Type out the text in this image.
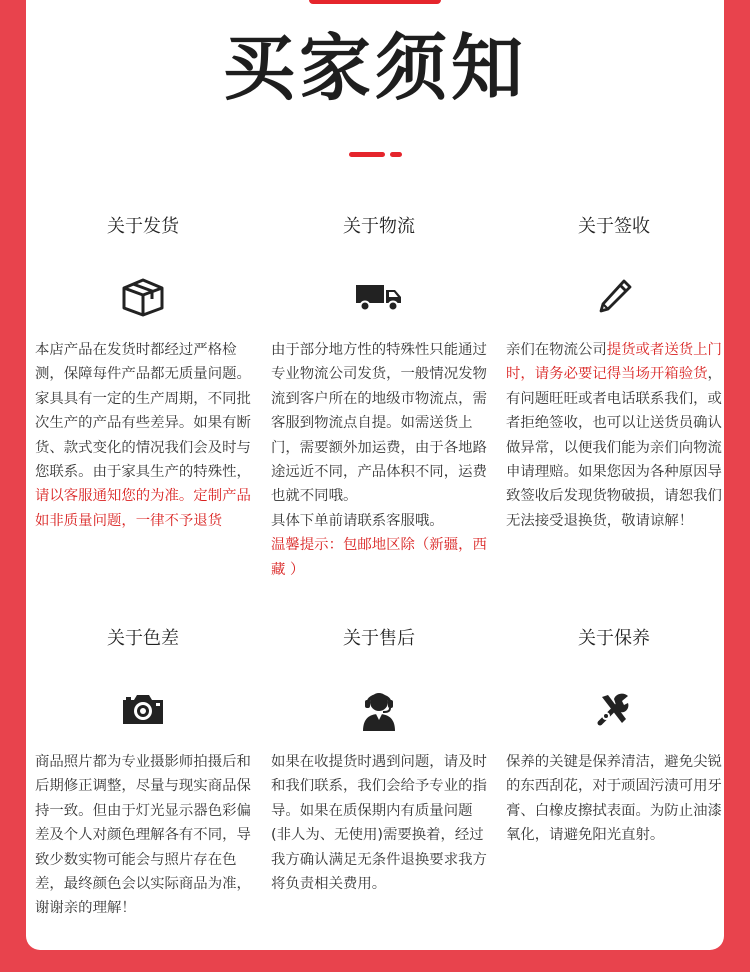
买家须知
关于发货
本店产品在发货时都经过严格检测，保障每件产品都无质量问题。家具具有一定的生产周期，不同批次生产的产品有些差异。如果有断货、款式变化的情况我们会及时与您联系。由于家具生产的特殊性，请以客服通知您的为准。定制产品如非质量问题，一律不予退货
关于物流
由于部分地方性的特殊性只能通过专业物流公司发货，一般情况发物流到客户所在的地级市物流点，需客服到物流点自提。如需送货上门，需要额外加运费，由于各地路途远近不同，产品体积不同，运费也就不同哦。
具体下单前请联系客服哦。
温馨提示：包邮地区除（新疆，西藏 ）
关于签收
亲们在物流公司提货或者送货上门时，请务必要记得当场开箱验货，有问题旺旺或者电话联系我们，或者拒绝签收，也可以让送货员确认做异常，以便我们能为亲们向物流申请理赔。如果您因为各种原因导致签收后发现货物破损，请恕我们无法接受退换货，敬请谅解！
关于色差
商品照片都为专业摄影师拍摄后和后期修正调整，尽量与现实商品保持一致。但由于灯光显示器色彩偏差及个人对颜色理解各有不同，导致少数实物可能会与照片存在色差，最终颜色会以实际商品为准，谢谢亲的理解！
关于售后
如果在收提货时遇到问题，请及时和我们联系，我们会给予专业的指导。如果在质保期内有质量问题(非人为、无使用)需要换着，经过我方确认满足无条件退换要求我方将负责相关费用。
关于保养
保养的关键是保养清洁，避免尖锐的东西刮花，对于顽固污渍可用牙膏、白橡皮擦拭表面。为防止油漆氧化，请避免阳光直射。
